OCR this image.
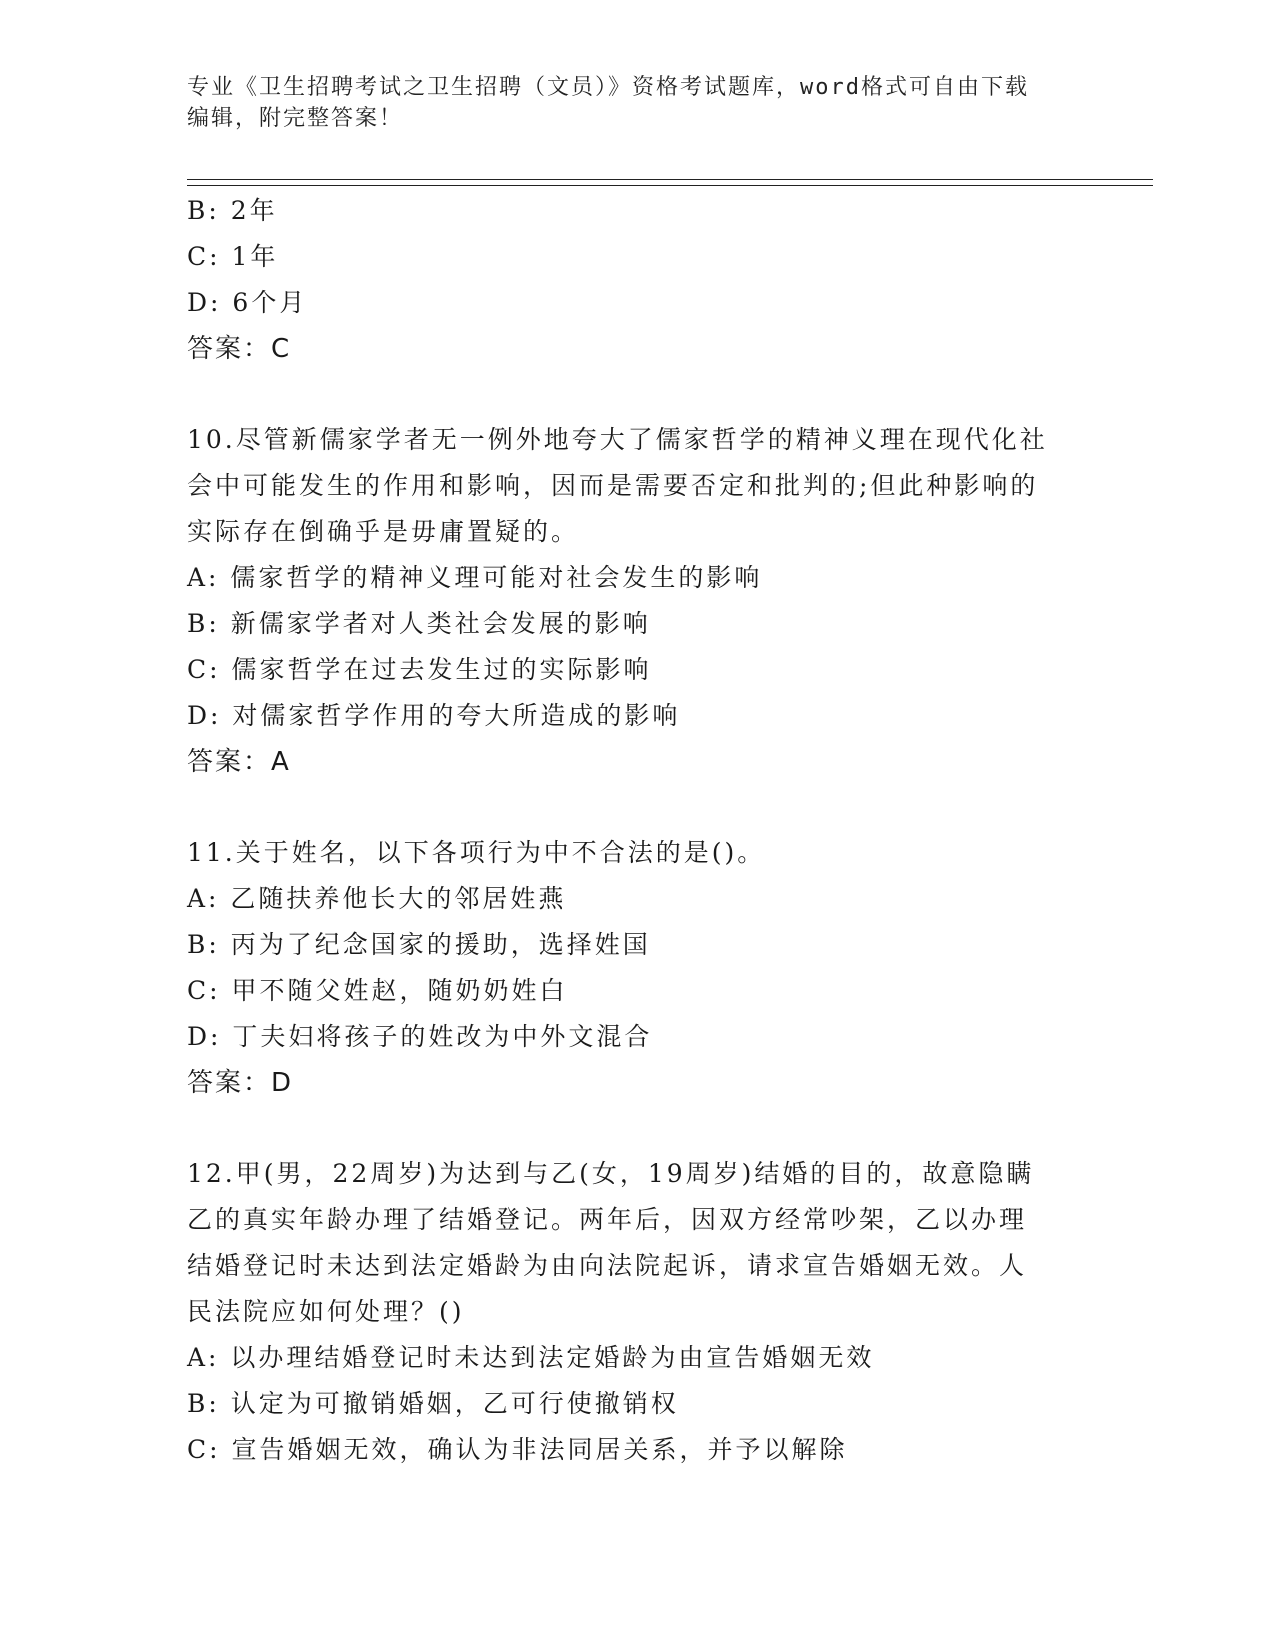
专业《卫生招聘考试之卫生招聘（文员）》资格考试题库，word格式可自由下载
编辑，附完整答案！
B: 2年
C: 1年
D: 6个月
答案：C
10.尽管新儒家学者无一例外地夸大了儒家哲学的精神义理在现代化社
会中可能发生的作用和影响，因而是需要否定和批判的;但此种影响的
实际存在倒确乎是毋庸置疑的。
A: 儒家哲学的精神义理可能对社会发生的影响
B: 新儒家学者对人类社会发展的影响
C: 儒家哲学在过去发生过的实际影响
D: 对儒家哲学作用的夸大所造成的影响
答案：A
11.关于姓名，以下各项行为中不合法的是()。
A: 乙随扶养他长大的邻居姓燕
B: 丙为了纪念国家的援助，选择姓国
C: 甲不随父姓赵，随奶奶姓白
D: 丁夫妇将孩子的姓改为中外文混合
答案：D
12.甲(男，22周岁)为达到与乙(女，19周岁)结婚的目的，故意隐瞒
乙的真实年龄办理了结婚登记。两年后，因双方经常吵架，乙以办理
结婚登记时未达到法定婚龄为由向法院起诉，请求宣告婚姻无效。人
民法院应如何处理？()
A: 以办理结婚登记时未达到法定婚龄为由宣告婚姻无效
B: 认定为可撤销婚姻，乙可行使撤销权
C: 宣告婚姻无效，确认为非法同居关系，并予以解除
